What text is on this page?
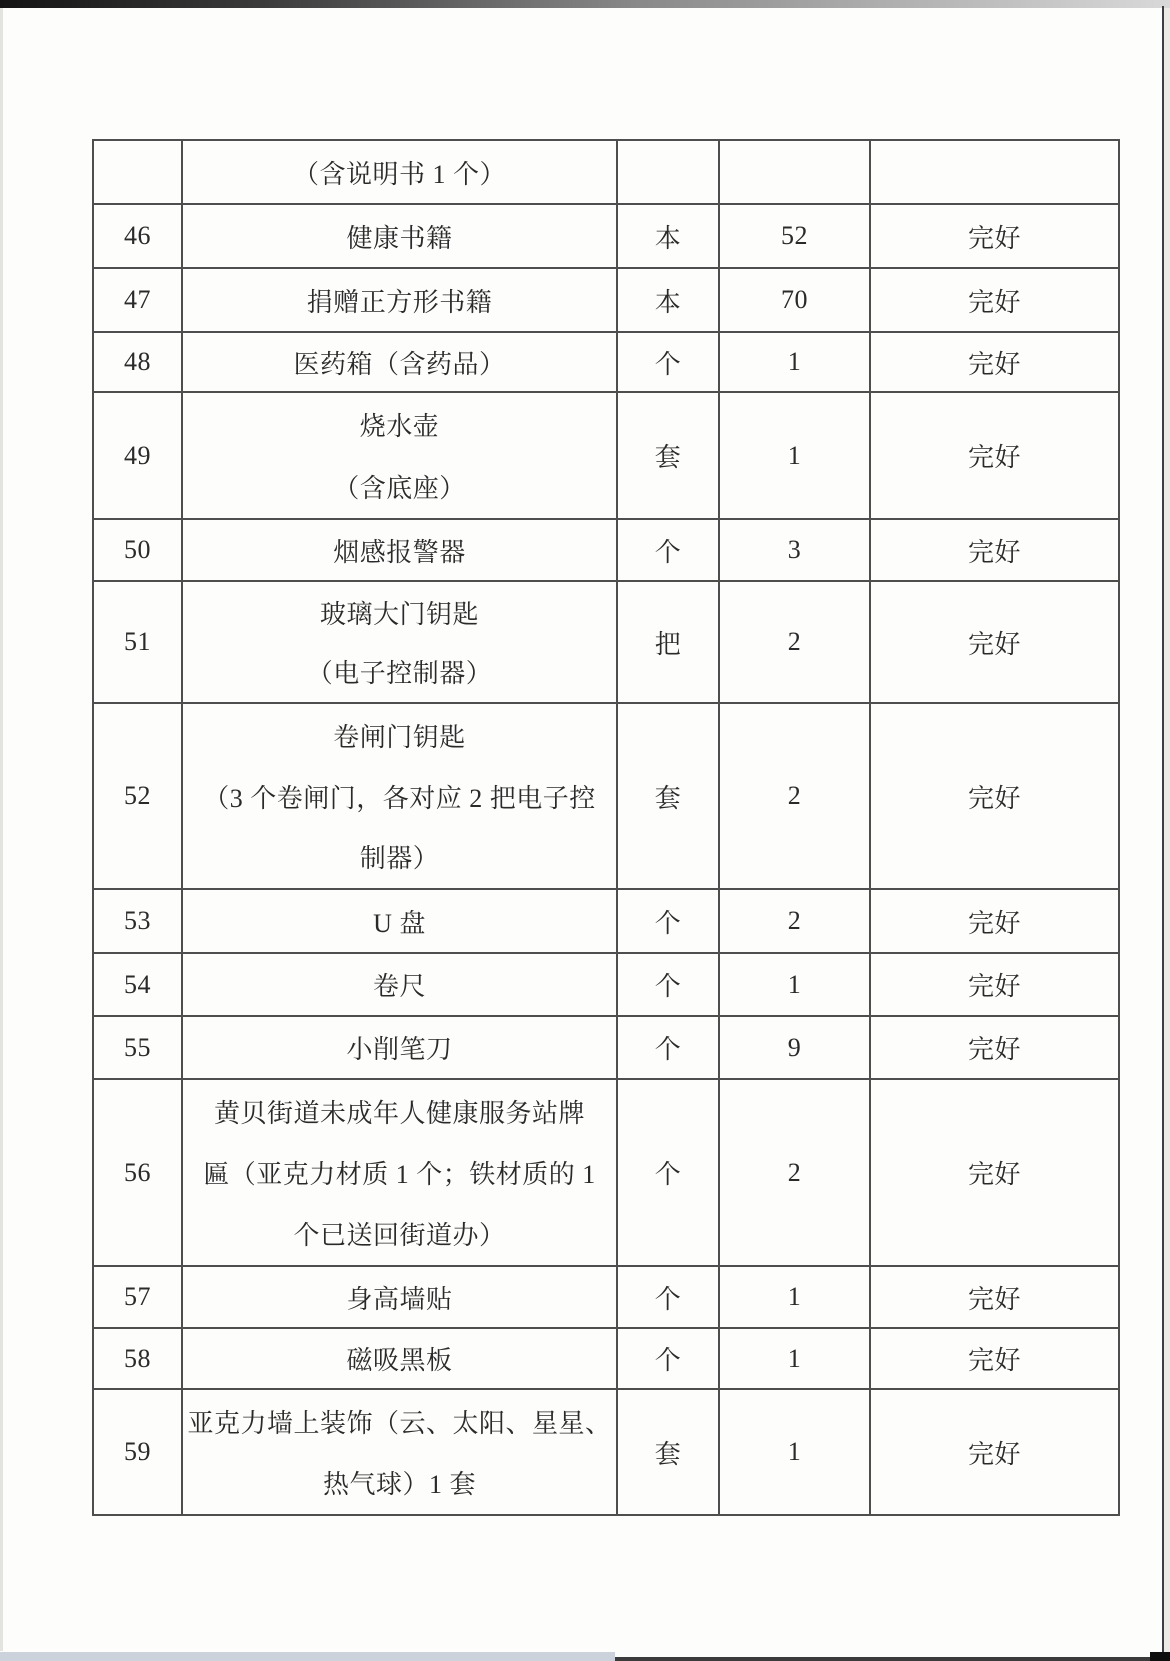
	（含说明书 1 个）			
46	健康书籍	本	52	完好
47	捐赠正方形书籍	本	70	完好
48	医药箱（含药品）	个	1	完好

49	烧水壶
（含底座）	套	1	完好

50	烟感报警器	个	3	完好

51	玻璃大门钥匙
（电子控制器）	把	2	完好

52	卷闸门钥匙
（3 个卷闸门，各对应 2 把电子控
制器）	套	2	完好

53	U 盘	个	2	完好
54	卷尺	个	1	完好
55	小削笔刀	个	9	完好

56	黄贝街道未成年人健康服务站牌
匾（亚克力材质 1 个；铁材质的 1
个已送回街道办）	个	2	完好

57	身高墙贴	个	1	完好
58	磁吸黑板	个	1	完好

59	亚克力墙上装饰（云、太阳、星星、
热气球）1 套	套	1	完好
